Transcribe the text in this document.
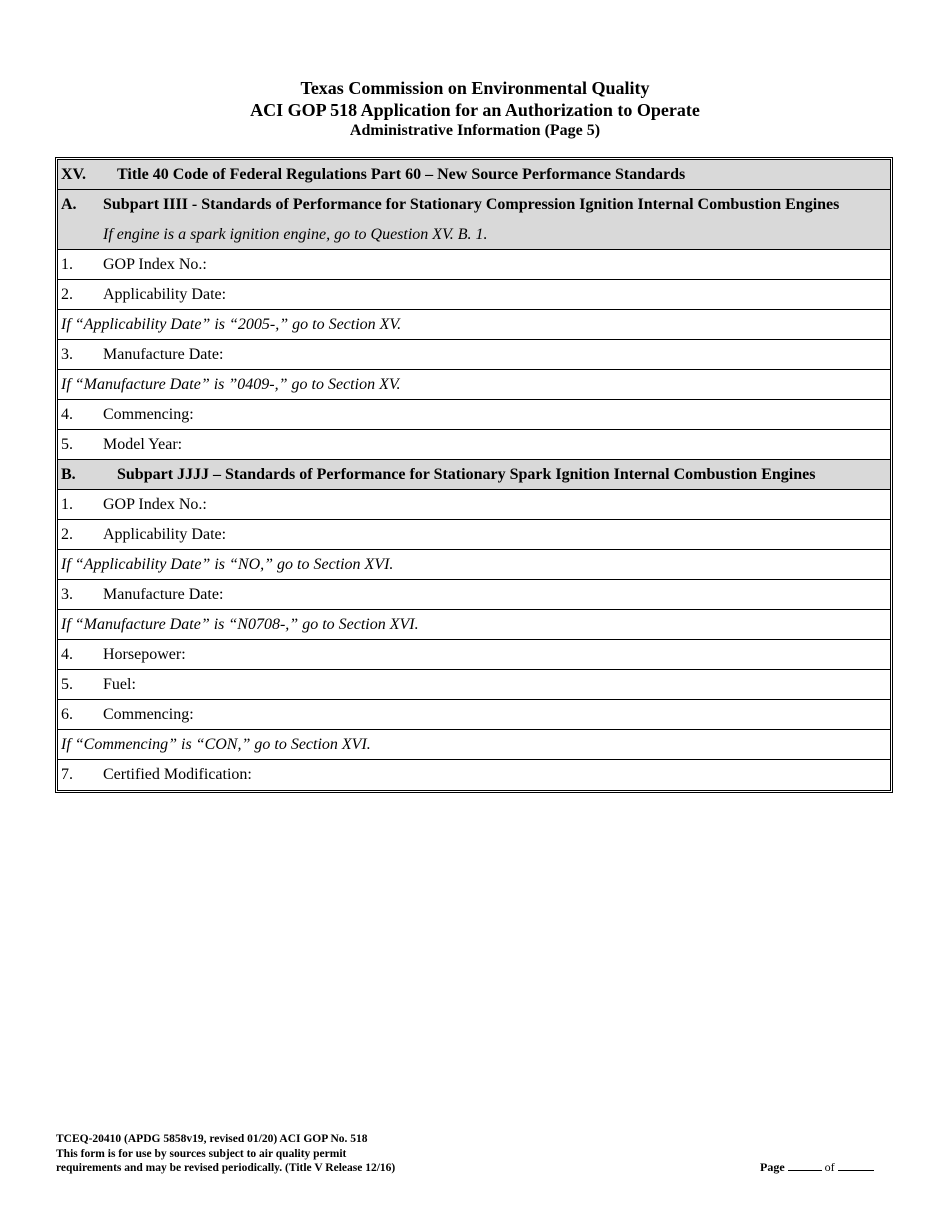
Texas Commission on Environmental Quality
ACI GOP 518 Application for an Authorization to Operate
Administrative Information (Page 5)
XV. Title 40 Code of Federal Regulations Part 60 – New Source Performance Standards
A. Subpart IIII - Standards of Performance for Stationary Compression Ignition Internal Combustion Engines
If engine is a spark ignition engine, go to Question XV. B. 1.
1. GOP Index No.:
2. Applicability Date:
If “Applicability Date” is “2005-,” go to Section XV.
3. Manufacture Date:
If “Manufacture Date” is ”0409-,” go to Section XV.
4. Commencing:
5. Model Year:
B.	Subpart JJJJ – Standards of Performance for Stationary Spark Ignition Internal Combustion Engines
1. GOP Index No.:
2. Applicability Date:
If “Applicability Date” is “NO,” go to Section XVI.
3. Manufacture Date:
If “Manufacture Date” is “N0708-,” go to Section XVI.
4. Horsepower:
5. Fuel:
6. Commencing:
If “Commencing” is “CON,” go to Section XVI.
7. Certified Modification:
TCEQ-20410 (APDG 5858v19, revised 01/20) ACI GOP No. 518
This form is for use by sources subject to air quality permit
requirements and may be revised periodically. (Title V Release 12/16)	Page	of
